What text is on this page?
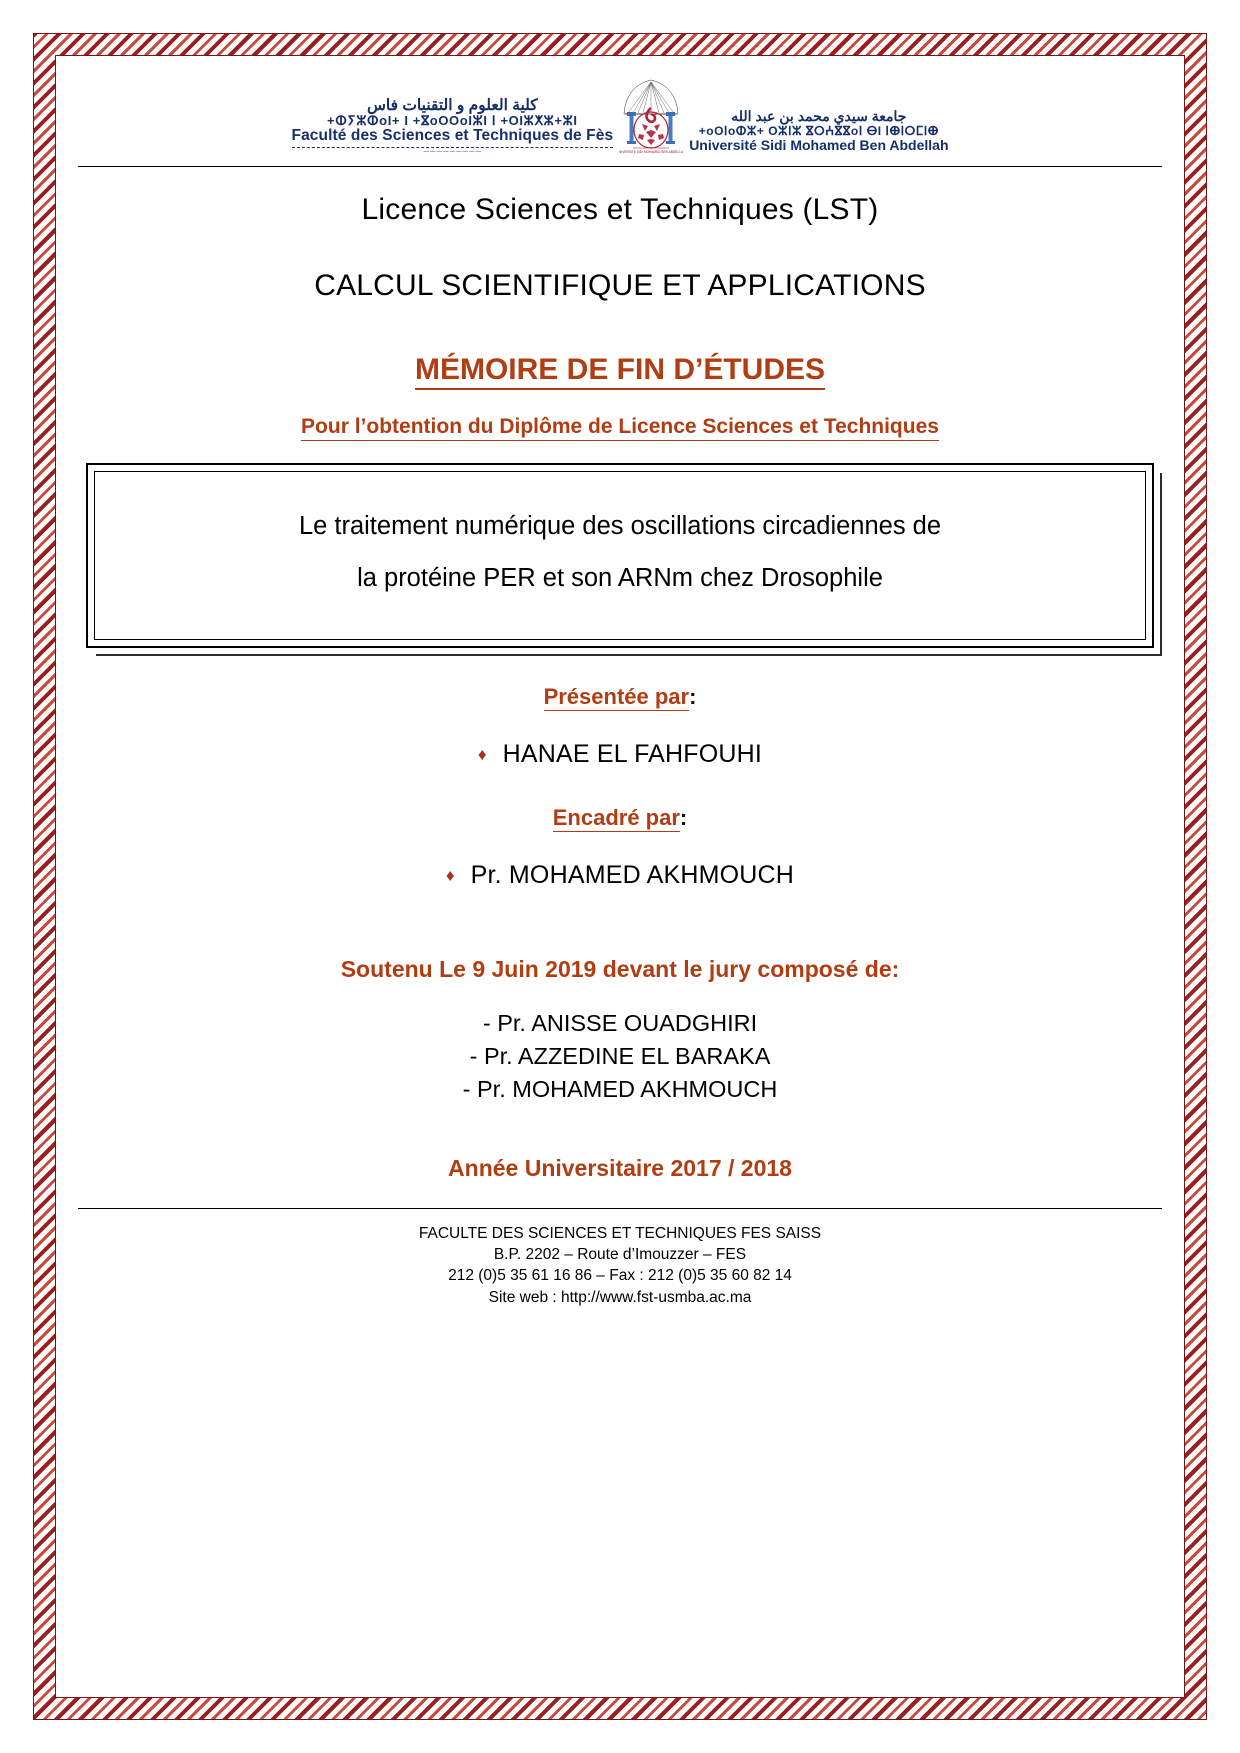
كلية العلوم و التقنيات فاس
+ⵀⵢⵣⵀoI+ I +ⴵoOOoIⵣI ⵏ +OIⵣⵅⵣ+ⵣI
Faculté des Sciences et Techniques de Fès
ــــ ــــ ــــ ــــ ــــ ــــ ــــ ــــ ــــ	UNIVERSITE SIDI MOHAMED BEN ABDELLAH
جامعة سيدي محمد بن عبد الله
+oOⵏoⵀⵣ+ Oⵣⵏⵣ ⴵⵔⵄⴵⴵoⵏ ⴱI ⵏⴲⵏⵔⵎⵏⴲ
Université Sidi Mohamed Ben Abdellah
Licence Sciences et Techniques (LST)
CALCUL SCIENTIFIQUE ET APPLICATIONS
MÉMOIRE DE FIN D’ÉTUDES
Pour l’obtention du Diplôme de Licence Sciences et Techniques
Le traitement numérique des oscillations circadiennes de
la protéine PER et son ARNm chez Drosophile
Présentée par:
♦ HANAE EL FAHFOUHI
Encadré par:
♦ Pr. MOHAMED AKHMOUCH
Soutenu Le 9 Juin 2019 devant le jury composé de:
- Pr. ANISSE OUADGHIRI
- Pr. AZZEDINE EL BARAKA
- Pr. MOHAMED AKHMOUCH
Année Universitaire 2017 / 2018
FACULTE DES SCIENCES ET TECHNIQUES FES SAISS
B.P. 2202 – Route d’Imouzzer – FES
212 (0)5 35 61 16 86 – Fax : 212 (0)5 35 60 82 14
Site web : http://www.fst-usmba.ac.ma
